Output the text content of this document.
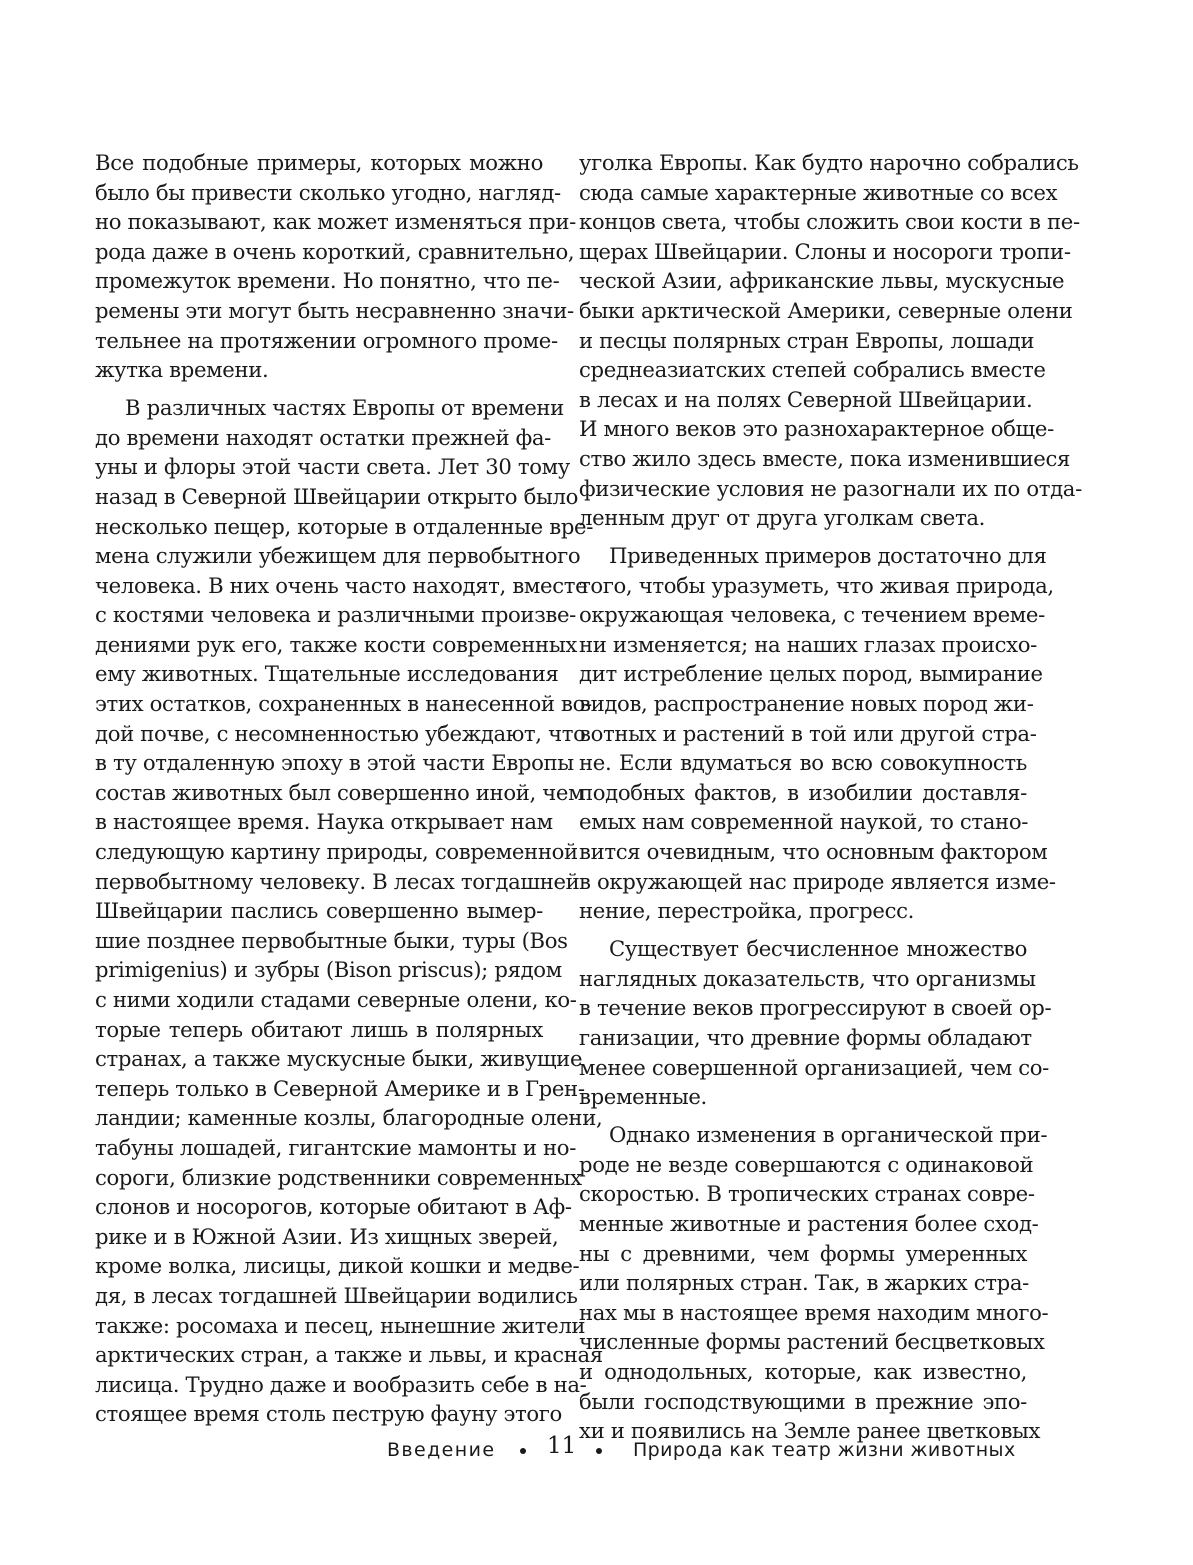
Все подобные примеры, которых можно
было бы привести сколько угодно, нагляд-
но показывают, как может изменяться при-
рода даже в очень короткий, сравнительно,
промежуток времени. Но понятно, что пе-
ремены эти могут быть несравненно значи-
тельнее на протяжении огромного проме-
жутка времени.
В различных частях Европы от времени
до времени находят остатки прежней фа-
уны и флоры этой части света. Лет 30 тому
назад в Северной Швейцарии открыто было
несколько пещер, которые в отдаленные вре-
мена служили убежищем для первобытного
человека. В них очень часто находят, вместе
с костями человека и различными произве-
дениями рук его, также кости современных
ему животных. Тщательные исследования
этих остатков, сохраненных в нанесенной во-
дой почве, с несомненностью убеждают, что
в ту отдаленную эпоху в этой части Европы
состав животных был совершенно иной, чем
в настоящее время. Наука открывает нам
следующую картину природы, современной
первобытному человеку. В лесах тогдашней
Швейцарии паслись совершенно вымер-
шие позднее первобытные быки, туры (Bos
primigenius) и зубры (Bison priscus); рядом
с ними ходили стадами северные олени, ко-
торые теперь обитают лишь в полярных
странах, а также мускусные быки, живущие
теперь только в Северной Америке и в Грен-
ландии; каменные козлы, благородные олени,
табуны лошадей, гигантские мамонты и но-
сороги, близкие родственники современных
слонов и носорогов, которые обитают в Аф-
рике и в Южной Азии. Из хищных зверей,
кроме волка, лисицы, дикой кошки и медве-
дя, в лесах тогдашней Швейцарии водились
также: росомаха и песец, нынешние жители
арктических стран, а также и львы, и красная
лисица. Трудно даже и вообразить себе в на-
стоящее время столь пеструю фауну этого
уголка Европы. Как будто нарочно собрались
сюда самые характерные животные со всех
концов света, чтобы сложить свои кости в пе-
щерах Швейцарии. Слоны и носороги тропи-
ческой Азии, африканские львы, мускусные
быки арктической Америки, северные олени
и песцы полярных стран Европы, лошади
среднеазиатских степей собрались вместе
в лесах и на полях Северной Швейцарии.
И много веков это разнохарактерное обще-
ство жило здесь вместе, пока изменившиеся
физические условия не разогнали их по отда-
ленным друг от друга уголкам света.
Приведенных примеров достаточно для
того, чтобы уразуметь, что живая природа,
окружающая человека, с течением време-
ни изменяется; на наших глазах происхо-
дит истребление целых пород, вымирание
видов, распространение новых пород жи-
вотных и растений в той или другой стра-
не. Если вдуматься во всю совокупность
подобных фактов, в изобилии доставля-
емых нам современной наукой, то стано-
вится очевидным, что основным фактором
в окружающей нас природе является изме-
нение, перестройка, прогресс.
Существует бесчисленное множество
наглядных доказательств, что организмы
в течение веков прогрессируют в своей ор-
ганизации, что древние формы обладают
менее совершенной организацией, чем со-
временные.
Однако изменения в органической при-
роде не везде совершаются с одинаковой
скоростью. В тропических странах совре-
менные животные и растения более сход-
ны с древними, чем формы умеренных
или полярных стран. Так, в жарких стра-
нах мы в настоящее время находим много-
численные формы растений бесцветковых
и однодольных, которые, как известно,
были господствующими в прежние эпо-
хи и появились на Земле ранее цветковых
Введение 11	Природа как театр жизни животных
